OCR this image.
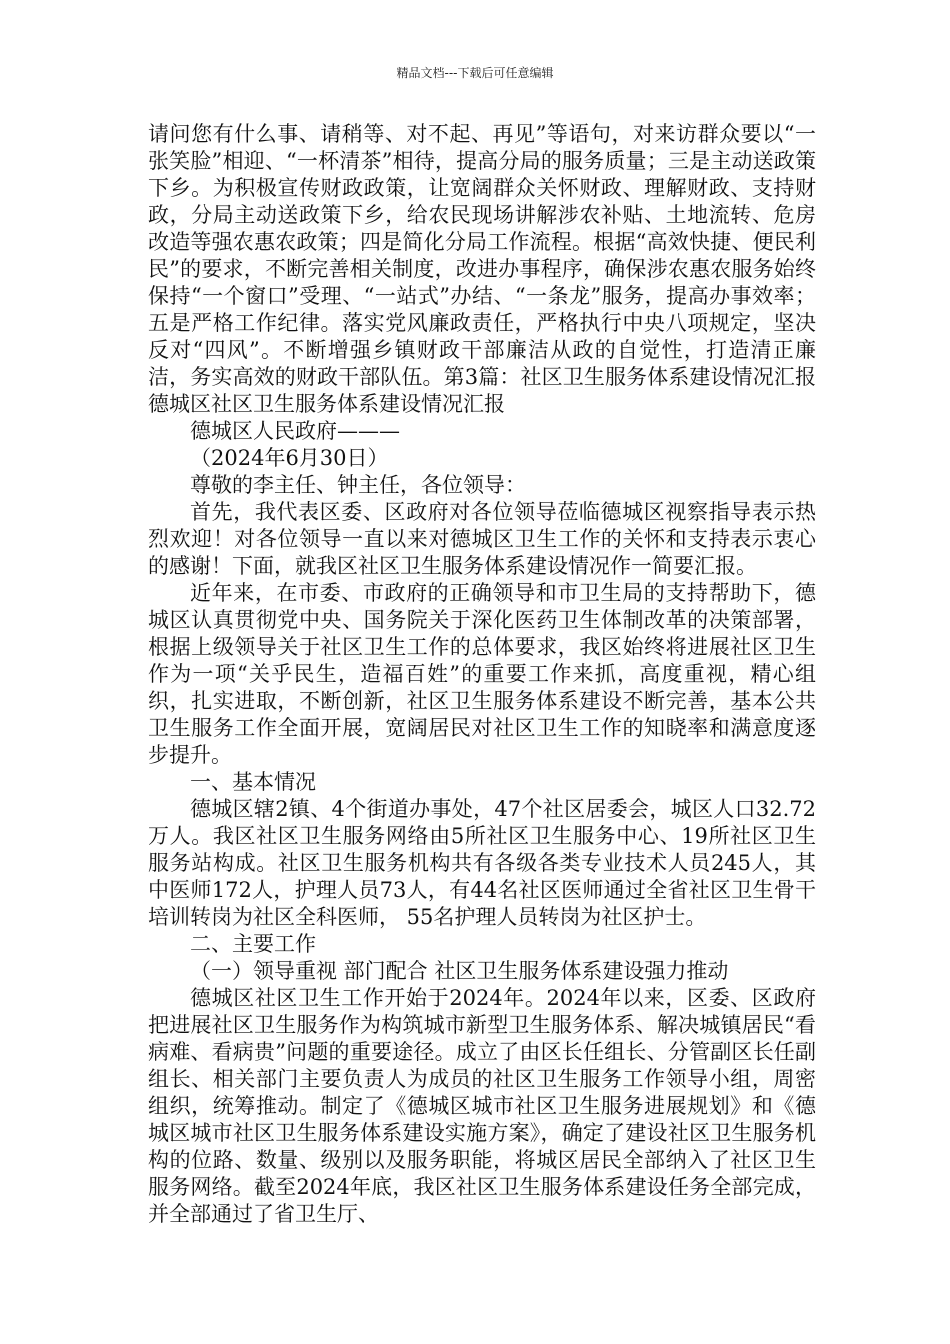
精品文档---下载后可任意编辑

请问您有什么事、请稍等、对不起、再见”等语句，对来访群众要以“一张笑脸”相迎、“一杯清茶”相待，提高分局的服务质量；三是主动送政策下乡。为积极宣传财政政策，让宽阔群众关怀财政、理解财政、支持财政，分局主动送政策下乡，给农民现场讲解涉农补贴、土地流转、危房改造等强农惠农政策；四是简化分局工作流程。根据“高效快捷、便民利民”的要求，不断完善相关制度，改进办事程序，确保涉农惠农服务始终保持“一个窗口”受理、“一站式”办结、“一条龙”服务，提高办事效率；五是严格工作纪律。落实党风廉政责任，严格执行中央八项规定，坚决反对“四风”。不断增强乡镇财政干部廉洁从政的自觉性，打造清正廉洁，务实高效的财政干部队伍。第3篇：社区卫生服务体系建设情况汇报德城区社区卫生服务体系建设情况汇报

德城区人民政府———

（2024年6月30日）

尊敬的李主任、钟主任，各位领导：

首先，我代表区委、区政府对各位领导莅临德城区视察指导表示热烈欢迎！对各位领导一直以来对德城区卫生工作的关怀和支持表示衷心的感谢！下面，就我区社区卫生服务体系建设情况作一简要汇报。

近年来，在市委、市政府的正确领导和市卫生局的支持帮助下，德城区认真贯彻党中央、国务院关于深化医药卫生体制改革的决策部署，根据上级领导关于社区卫生工作的总体要求，我区始终将进展社区卫生作为一项“关乎民生，造福百姓”的重要工作来抓，高度重视，精心组织，扎实进取，不断创新，社区卫生服务体系建设不断完善，基本公共卫生服务工作全面开展，宽阔居民对社区卫生工作的知晓率和满意度逐步提升。

一、基本情况

德城区辖2镇、4个街道办事处，47个社区居委会，城区人口32.72万人。我区社区卫生服务网络由5所社区卫生服务中心、19所社区卫生服务站构成。社区卫生服务机构共有各级各类专业技术人员245人，其中医师172人，护理人员73人，有44名社区医师通过全省社区卫生骨干培训转岗为社区全科医师， 55名护理人员转岗为社区护士。

二、主要工作

（一）领导重视 部门配合 社区卫生服务体系建设强力推动

德城区社区卫生工作开始于2024年。2024年以来，区委、区政府把进展社区卫生服务作为构筑城市新型卫生服务体系、解决城镇居民“看病难、看病贵”问题的重要途径。成立了由区长任组长、分管副区长任副组长、相关部门主要负责人为成员的社区卫生服务工作领导小组，周密组织，统筹推动。制定了《德城区城市社区卫生服务进展规划》和《德城区城市社区卫生服务体系建设实施方案》，确定了建设社区卫生服务机构的位路、数量、级别以及服务职能，将城区居民全部纳入了社区卫生服务网络。截至2024年底，我区社区卫生服务体系建设任务全部完成，并全部通过了省卫生厅、
